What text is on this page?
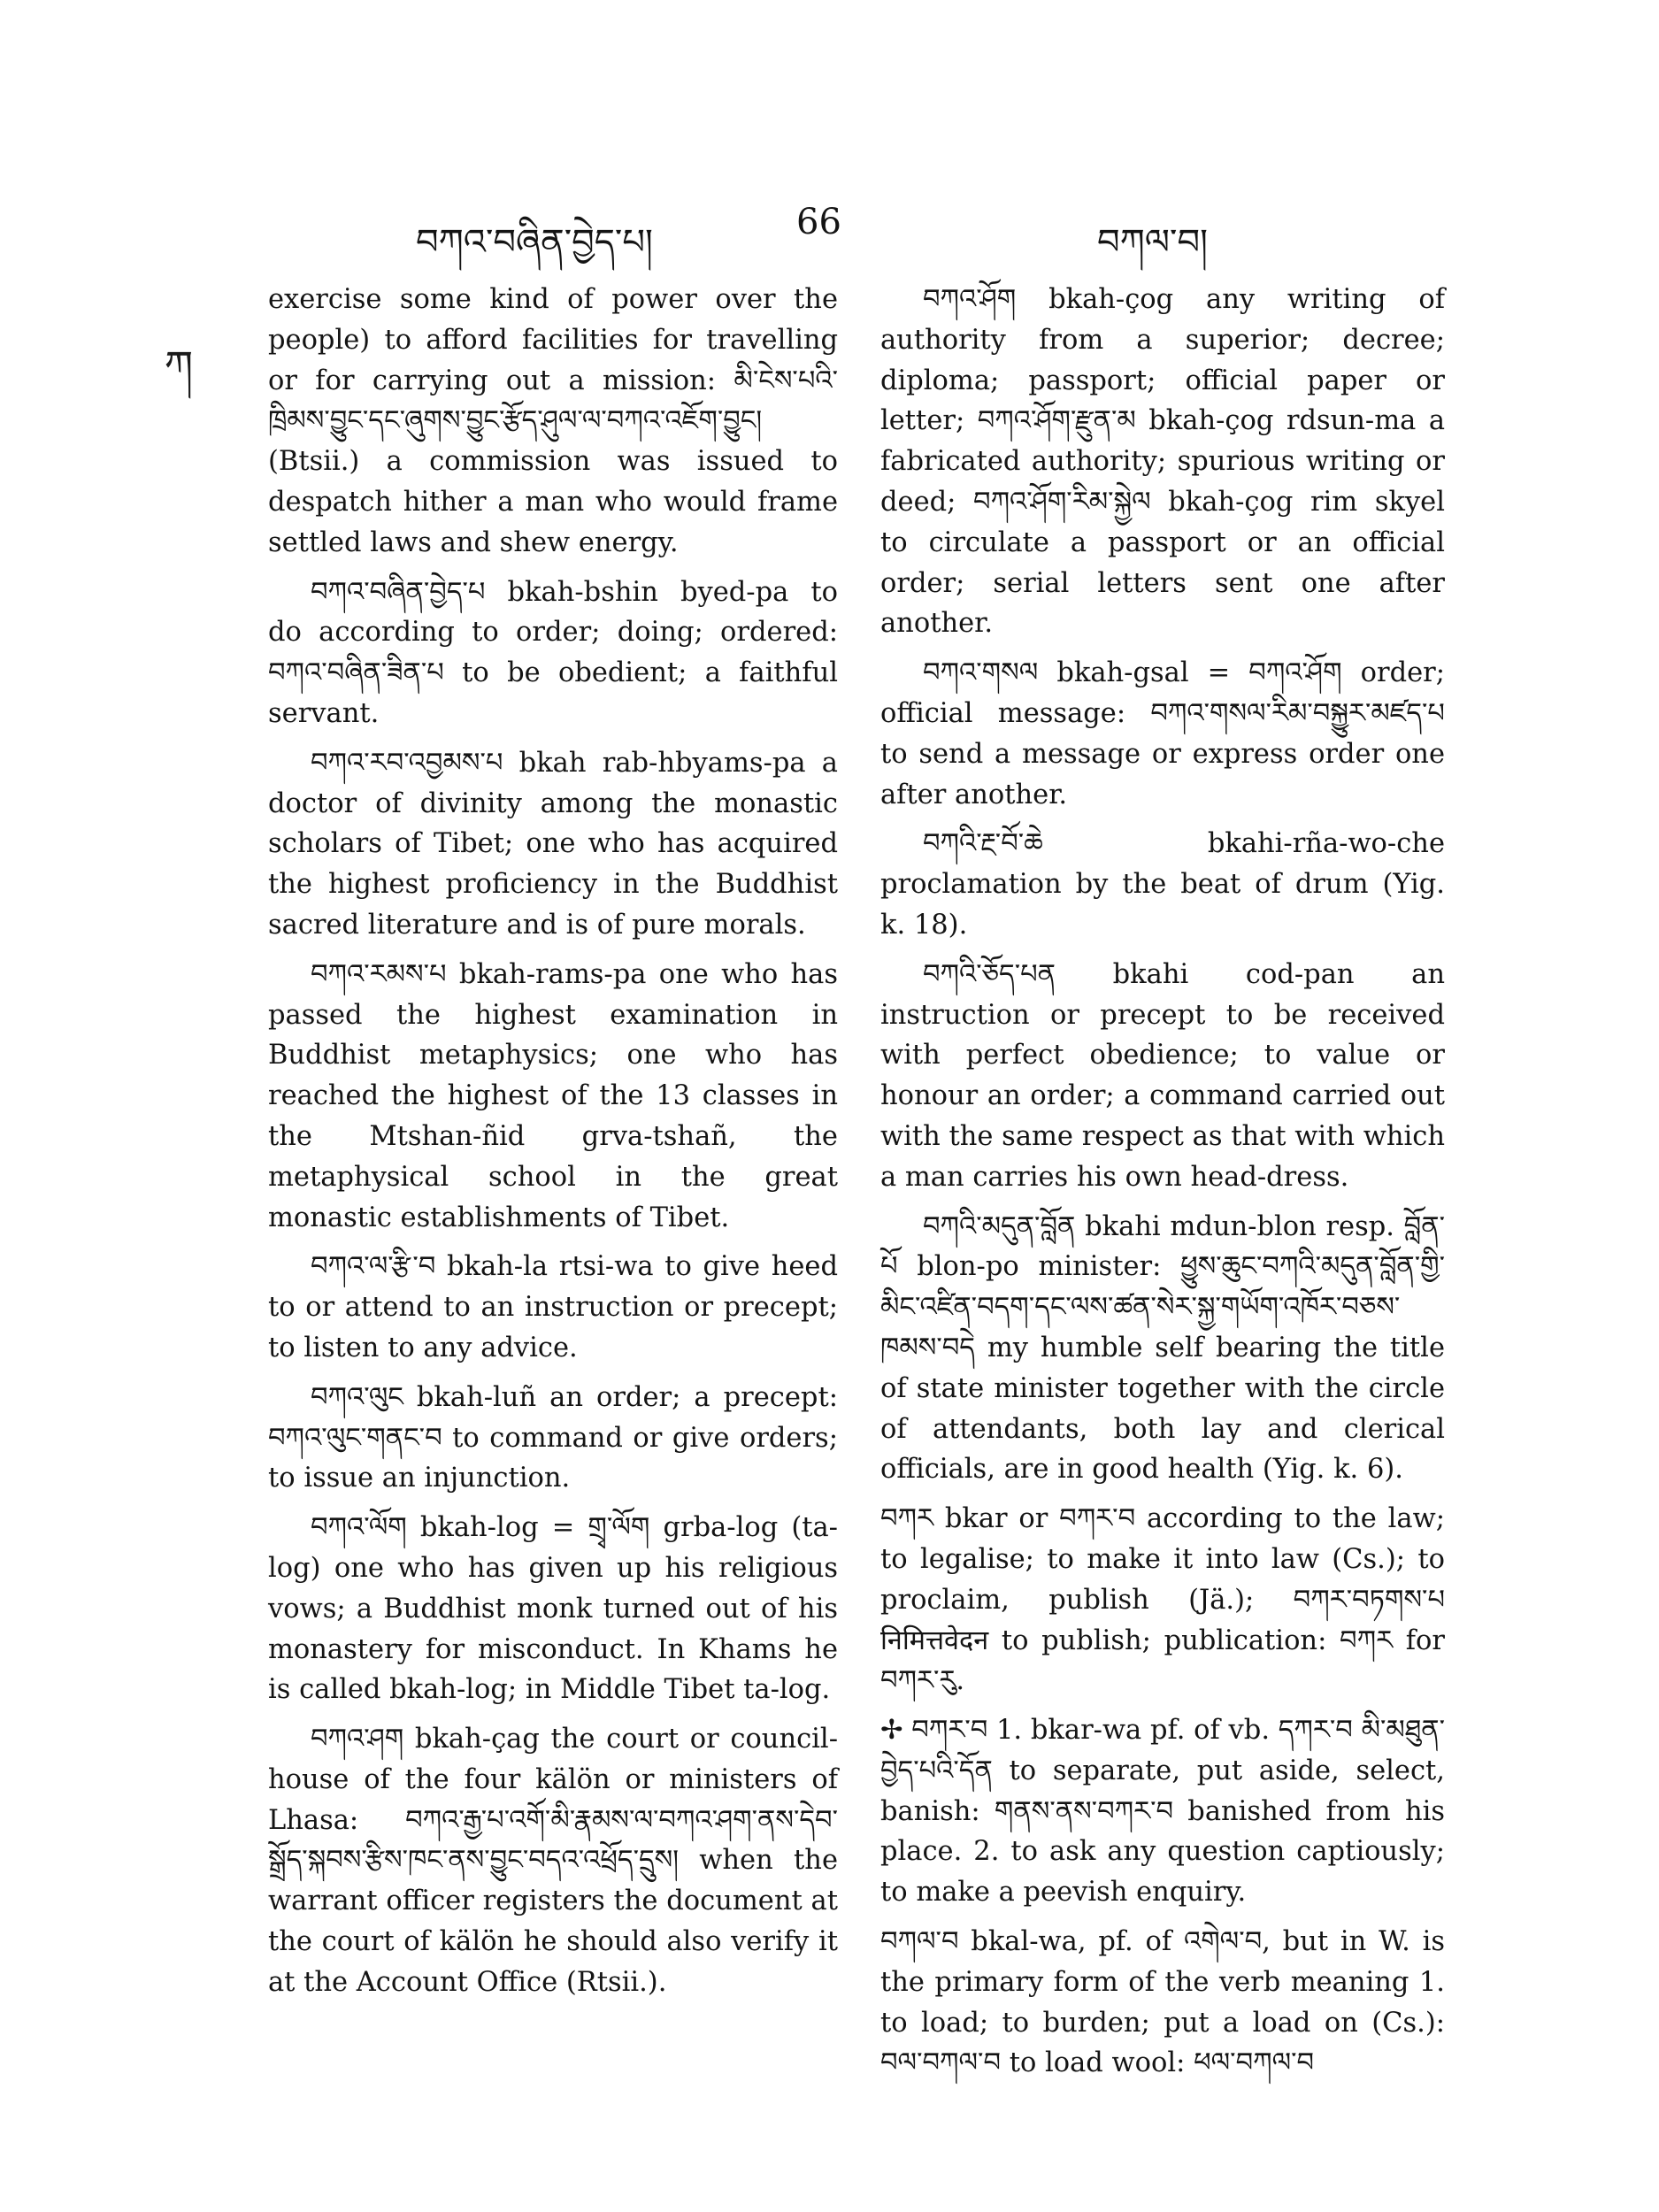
བཀའ་བཞིན་བྱེད་པ།	66	བཀལ་བ།
ཀ

exercise some kind of power over the people) to afford facilities for travelling or for carrying out a mission: མི་ངེས་པའི་ཁྲིམས་བྱུང་དང་ཞུགས་བྱུང་རྩོད་ཤུལ་ལ་བཀའ་འཇོག་བྱུང། (Btsii.) a commission was issued to despatch hither a man who would frame settled laws and shew energy.

བཀའ་བཞིན་བྱེད་པ bkah-bshin byed-pa to do according to order; doing; ordered: བཀའ་བཞིན་ཟིན་པ to be obedient; a faithful servant.

བཀའ་རབ་འབྱམས་པ bkah rab-hbyams-pa a doctor of divinity among the monastic scholars of Tibet; one who has acquired the highest proficiency in the Buddhist sacred literature and is of pure morals.

བཀའ་རམས་པ bkah-rams-pa one who has passed the highest examination in Buddhist metaphysics; one who has reached the highest of the 13 classes in the Mtshan-ñid grva-tshañ, the metaphysical school in the great monastic establishments of Tibet.

བཀའ་ལ་རྩི་བ bkah-la rtsi-wa to give heed to or attend to an instruction or precept; to listen to any advice.

བཀའ་ལུང bkah-luñ an order; a precept: བཀའ་ལུང་གནང་བ to command or give orders; to issue an injunction.

བཀའ་ལོག bkah-log = གྲྭ་ལོག grba-log (ta-log) one who has given up his religious vows; a Buddhist monk turned out of his monastery for misconduct. In Khams he is called bkah-log; in Middle Tibet ta-log.

བཀའ་ཤག bkah-çag the court or council-house of the four kälön or ministers of Lhasa: བཀའ་རྒྱ་པ་འགོ་མི་རྣམས་ལ་བཀའ་ཤག་ནས་དེབ་སྒྲོད་སྐབས་རྩིས་ཁང་ནས་བྱུང་བདའ་འཕྲོད་དྲུས། when the warrant officer registers the document at the court of kälön he should also verify it at the Account Office (Rtsii.).

བཀའ་ཤོག bkah-çog any writing of authority from a superior; decree; diploma; passport; official paper or letter; བཀའ་ཤོག་རྫུན་མ bkah-çog rdsun-ma a fabricated authority; spurious writing or deed; བཀའ་ཤོག་རིམ་སྐྱེལ bkah-çog rim skyel to circulate a passport or an official order; serial letters sent one after another.

བཀའ་གསལ bkah-gsal = བཀའ་ཤོག order; official message: བཀའ་གསལ་རིམ་བསྐྱུར་མཛད་པ to send a message or express order one after another.

བཀའི་རྔ་བོ་ཆེ bkahi-rña-wo-che proclamation by the beat of drum (Yig. k. 18).

བཀའི་ཅོད་པན bkahi cod-pan an instruction or precept to be received with perfect obedience; to value or honour an order; a command carried out with the same respect as that with which a man carries his own head-dress.

བཀའི་མདུན་བློན bkahi mdun-blon resp. བློན་པོ blon-po minister: ཕྱུས་ཆུང་བཀའི་མདུན་བློན་གྱི་མིང་འཛིན་བདག་དང་ལས་ཚན་སེར་སྐྱ་གཡོག་འཁོར་བཅས་ཁམས་བདེ my humble self bearing the title of state minister together with the circle of attendants, both lay and clerical officials, are in good health (Yig. k. 6).

བཀར bkar or བཀར་བ according to the law; to legalise; to make it into law (Cs.); to proclaim, publish (Jä.); བཀར་བཏགས་པ निमित्तवेदन to publish; publication: བཀར for བཀར་རུ.

✢ བཀར་བ 1. bkar-wa pf. of vb. དཀར་བ མི་མཐུན་བྱེད་པའི་དོན to separate, put aside, select, banish: གནས་ནས་བཀར་བ banished from his place. 2. to ask any question captiously; to make a peevish enquiry.

བཀལ་བ bkal-wa, pf. of འགེལ་བ, but in W. is the primary form of the verb meaning 1. to load; to burden; put a load on (Cs.): བལ་བཀལ་བ to load wool: ཕལ་བཀལ་བ
